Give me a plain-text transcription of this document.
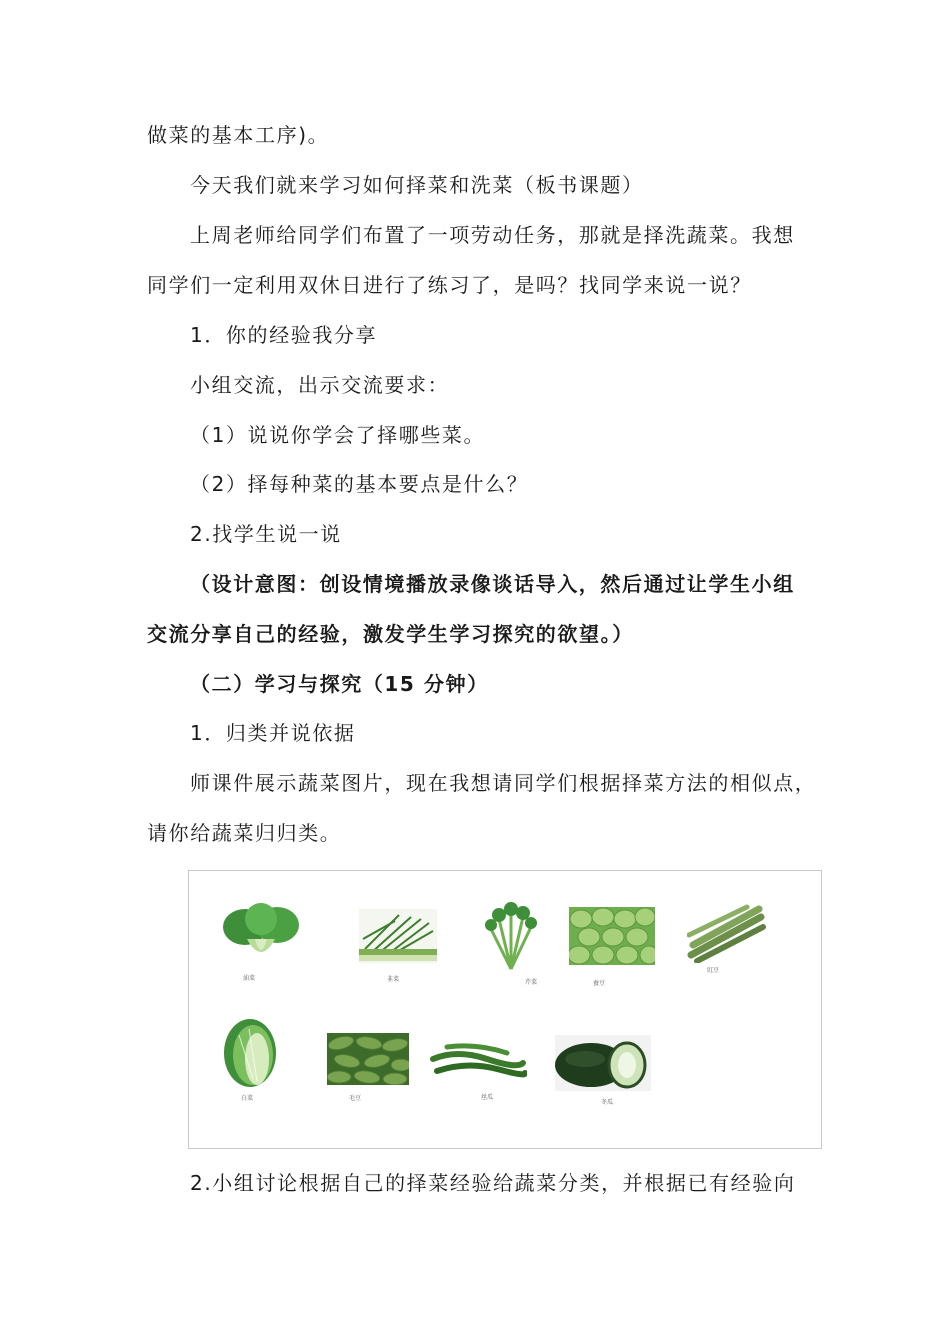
做菜的基本工序)。
今天我们就来学习如何择菜和洗菜（板书课题）
上周老师给同学们布置了一项劳动任务，那就是择洗蔬菜。我想
同学们一定利用双休日进行了练习了，是吗？找同学来说一说？
1．你的经验我分享
小组交流，出示交流要求：
（1）说说你学会了择哪些菜。
（2）择每种菜的基本要点是什么？
2.找学生说一说
（设计意图：创设情境播放录像谈话导入，然后通过让学生小组
交流分享自己的经验，激发学生学习探究的欲望。）
（二）学习与探究（15 分钟）
1．归类并说依据
师课件展示蔬菜图片，现在我想请同学们根据择菜方法的相似点，
请你给蔬菜归归类。
油菜	韭菜	芹菜	蚕豆
豇豆
白菜	毛豆	丝瓜
冬瓜
2.小组讨论根据自己的择菜经验给蔬菜分类，并根据已有经验向
